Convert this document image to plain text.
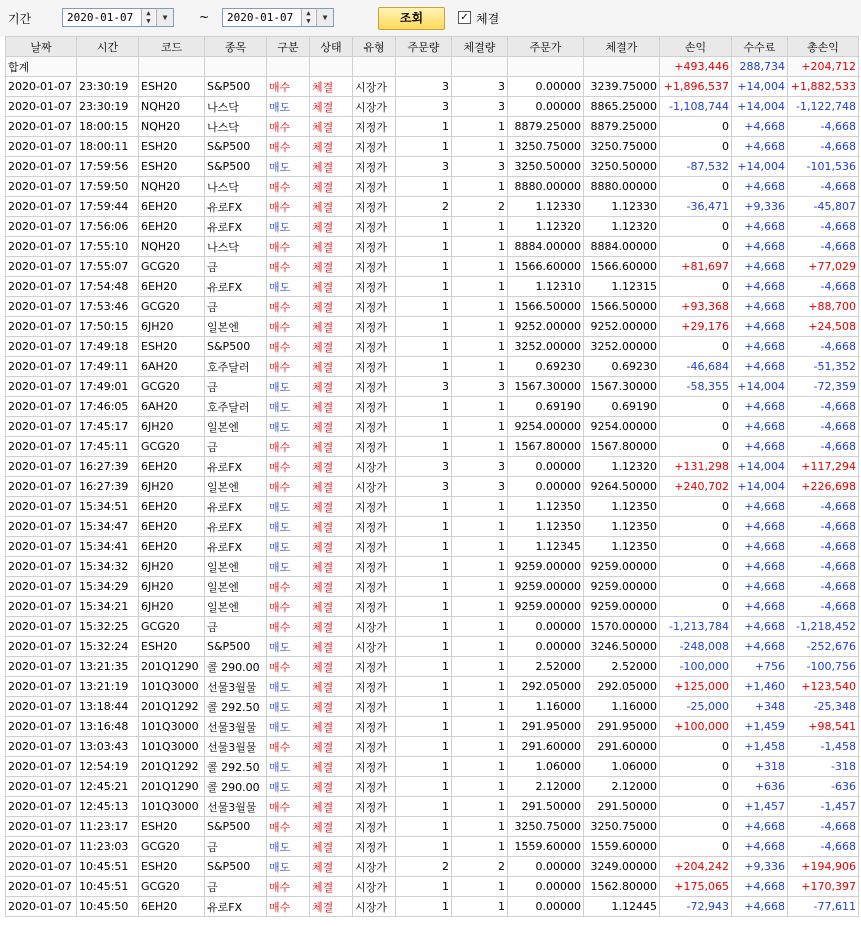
기간	2020-01-07	▲
▼	▼	~	2020-01-07	▲
▼	▼	조회	✓ 체결
날짜	시간	코드	종목	구분	상태	유형	주문량	체결량	주문가	체결가	손익	수수료	총손익
합계											+493,446	288,734	+204,712
2020-01-07	23:30:19	ESH20	S&P500	매수	체결	시장가	3	3	0.00000	3239.75000	+1,896,537	+14,004	+1,882,533
2020-01-07	23:30:19	NQH20	나스닥	매도	체결	시장가	3	3	0.00000	8865.25000	-1,108,744	+14,004	-1,122,748
2020-01-07	18:00:15	NQH20	나스닥	매수	체결	지정가	1	1	8879.25000	8879.25000	0	+4,668	-4,668
2020-01-07	18:00:11	ESH20	S&P500	매수	체결	지정가	1	1	3250.75000	3250.75000	0	+4,668	-4,668
2020-01-07	17:59:56	ESH20	S&P500	매도	체결	지정가	3	3	3250.50000	3250.50000	-87,532	+14,004	-101,536
2020-01-07	17:59:50	NQH20	나스닥	매수	체결	지정가	1	1	8880.00000	8880.00000	0	+4,668	-4,668
2020-01-07	17:59:44	6EH20	유로FX	매수	체결	지정가	2	2	1.12330	1.12330	-36,471	+9,336	-45,807
2020-01-07	17:56:06	6EH20	유로FX	매도	체결	지정가	1	1	1.12320	1.12320	0	+4,668	-4,668
2020-01-07	17:55:10	NQH20	나스닥	매수	체결	지정가	1	1	8884.00000	8884.00000	0	+4,668	-4,668
2020-01-07	17:55:07	GCG20	금	매수	체결	지정가	1	1	1566.60000	1566.60000	+81,697	+4,668	+77,029
2020-01-07	17:54:48	6EH20	유로FX	매도	체결	지정가	1	1	1.12310	1.12315	0	+4,668	-4,668
2020-01-07	17:53:46	GCG20	금	매수	체결	지정가	1	1	1566.50000	1566.50000	+93,368	+4,668	+88,700
2020-01-07	17:50:15	6JH20	일본엔	매수	체결	지정가	1	1	9252.00000	9252.00000	+29,176	+4,668	+24,508
2020-01-07	17:49:18	ESH20	S&P500	매수	체결	지정가	1	1	3252.00000	3252.00000	0	+4,668	-4,668
2020-01-07	17:49:11	6AH20	호주달러	매수	체결	지정가	1	1	0.69230	0.69230	-46,684	+4,668	-51,352
2020-01-07	17:49:01	GCG20	금	매도	체결	지정가	3	3	1567.30000	1567.30000	-58,355	+14,004	-72,359
2020-01-07	17:46:05	6AH20	호주달러	매도	체결	지정가	1	1	0.69190	0.69190	0	+4,668	-4,668
2020-01-07	17:45:17	6JH20	일본엔	매도	체결	지정가	1	1	9254.00000	9254.00000	0	+4,668	-4,668
2020-01-07	17:45:11	GCG20	금	매수	체결	지정가	1	1	1567.80000	1567.80000	0	+4,668	-4,668
2020-01-07	16:27:39	6EH20	유로FX	매수	체결	시장가	3	3	0.00000	1.12320	+131,298	+14,004	+117,294
2020-01-07	16:27:39	6JH20	일본엔	매수	체결	시장가	3	3	0.00000	9264.50000	+240,702	+14,004	+226,698
2020-01-07	15:34:51	6EH20	유로FX	매도	체결	지정가	1	1	1.12350	1.12350	0	+4,668	-4,668
2020-01-07	15:34:47	6EH20	유로FX	매도	체결	지정가	1	1	1.12350	1.12350	0	+4,668	-4,668
2020-01-07	15:34:41	6EH20	유로FX	매도	체결	지정가	1	1	1.12345	1.12350	0	+4,668	-4,668
2020-01-07	15:34:32	6JH20	일본엔	매도	체결	지정가	1	1	9259.00000	9259.00000	0	+4,668	-4,668
2020-01-07	15:34:29	6JH20	일본엔	매수	체결	지정가	1	1	9259.00000	9259.00000	0	+4,668	-4,668
2020-01-07	15:34:21	6JH20	일본엔	매수	체결	지정가	1	1	9259.00000	9259.00000	0	+4,668	-4,668
2020-01-07	15:32:25	GCG20	금	매수	체결	시장가	1	1	0.00000	1570.00000	-1,213,784	+4,668	-1,218,452
2020-01-07	15:32:24	ESH20	S&P500	매도	체결	시장가	1	1	0.00000	3246.50000	-248,008	+4,668	-252,676
2020-01-07	13:21:35	201Q1290	콜 290.00	매수	체결	지정가	1	1	2.52000	2.52000	-100,000	+756	-100,756
2020-01-07	13:21:19	101Q3000	선물3월물	매도	체결	지정가	1	1	292.05000	292.05000	+125,000	+1,460	+123,540
2020-01-07	13:18:44	201Q1292	콜 292.50	매도	체결	지정가	1	1	1.16000	1.16000	-25,000	+348	-25,348
2020-01-07	13:16:48	101Q3000	선물3월물	매도	체결	지정가	1	1	291.95000	291.95000	+100,000	+1,459	+98,541
2020-01-07	13:03:43	101Q3000	선물3월물	매수	체결	지정가	1	1	291.60000	291.60000	0	+1,458	-1,458
2020-01-07	12:54:19	201Q1292	콜 292.50	매도	체결	지정가	1	1	1.06000	1.06000	0	+318	-318
2020-01-07	12:45:21	201Q1290	콜 290.00	매도	체결	지정가	1	1	2.12000	2.12000	0	+636	-636
2020-01-07	12:45:13	101Q3000	선물3월물	매수	체결	지정가	1	1	291.50000	291.50000	0	+1,457	-1,457
2020-01-07	11:23:17	ESH20	S&P500	매수	체결	지정가	1	1	3250.75000	3250.75000	0	+4,668	-4,668
2020-01-07	11:23:03	GCG20	금	매도	체결	지정가	1	1	1559.60000	1559.60000	0	+4,668	-4,668
2020-01-07	10:45:51	ESH20	S&P500	매도	체결	시장가	2	2	0.00000	3249.00000	+204,242	+9,336	+194,906
2020-01-07	10:45:51	GCG20	금	매수	체결	시장가	1	1	0.00000	1562.80000	+175,065	+4,668	+170,397
2020-01-07	10:45:50	6EH20	유로FX	매수	체결	시장가	1	1	0.00000	1.12445	-72,943	+4,668	-77,611
